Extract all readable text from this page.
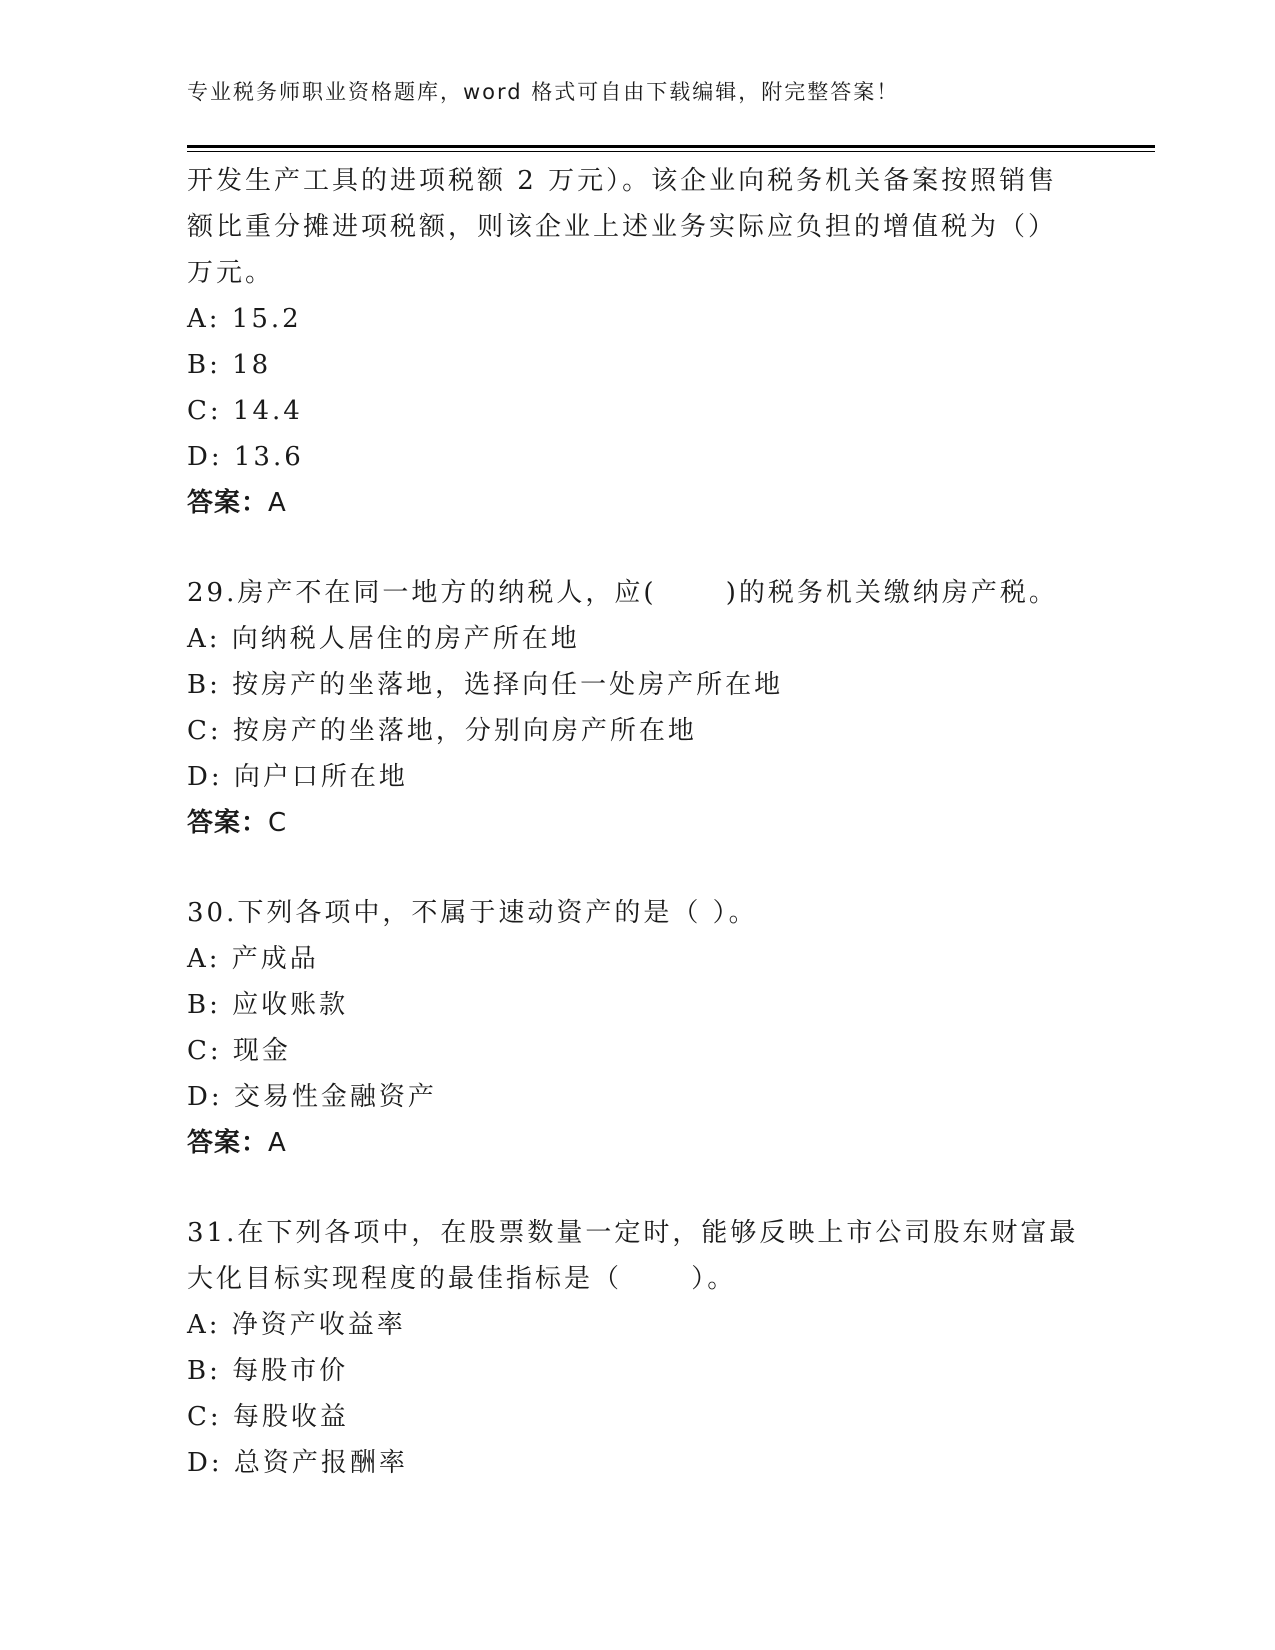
专业税务师职业资格题库，word 格式可自由下载编辑，附完整答案！
开发生产工具的进项税额 2 万元）。该企业向税务机关备案按照销售
额比重分摊进项税额，则该企业上述业务实际应负担的增值税为（）
万元。
A: 15.2
B: 18
C: 14.4
D: 13.6
答案：A
29.房产不在同一地方的纳税人，应(　　 )的税务机关缴纳房产税。
A: 向纳税人居住的房产所在地
B: 按房产的坐落地，选择向任一处房产所在地
C: 按房产的坐落地，分别向房产所在地
D: 向户口所在地
答案：C
30.下列各项中，不属于速动资产的是（ ）。
A: 产成品
B: 应收账款
C: 现金
D: 交易性金融资产
答案：A
31.在下列各项中，在股票数量一定时，能够反映上市公司股东财富最
大化目标实现程度的最佳指标是（　　 ）。
A: 净资产收益率
B: 每股市价
C: 每股收益
D: 总资产报酬率
